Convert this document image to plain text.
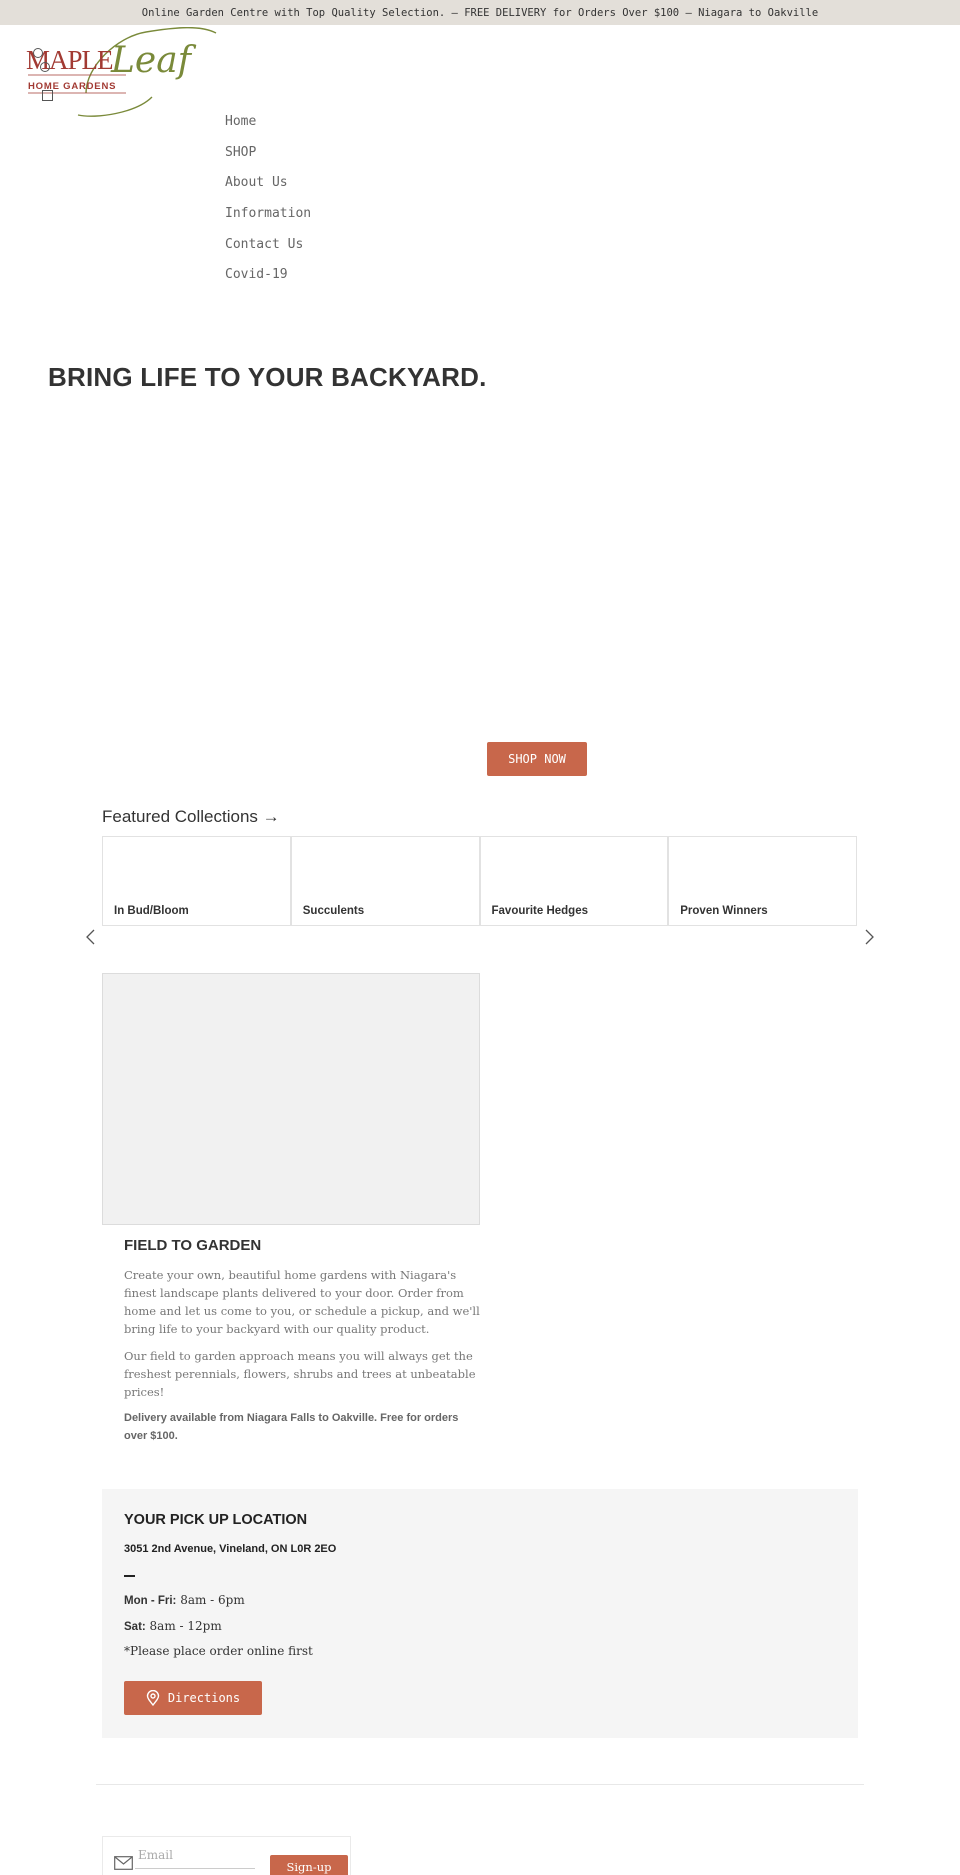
Online Garden Centre with Top Quality Selection. — FREE DELIVERY for Orders Over $100 — Niagara to Oakville
MAPLE
Leaf
HOME GARDENS
Home
SHOP
About Us
Information
Contact Us
Covid-19
BRING LIFE TO YOUR BACKYARD.
SHOP NOW
Featured Collections →
In Bud/Bloom	Succulents	Favourite Hedges	Proven Winners
FIELD TO GARDEN

Create your own, beautiful home gardens with Niagara's finest landscape plants delivered to your door. Order from home and let us come to you, or schedule a pickup, and we'll bring life to your backyard with our quality product.

Our field to garden approach means you will always get the freshest perennials, flowers, shrubs and trees at unbeatable prices!

Delivery available from Niagara Falls to Oakville. Free for orders over $100.

YOUR PICK UP LOCATION
3051 2nd Avenue, Vineland, ON L0R 2EO
Mon - Fri: 8am - 6pm
Sat: 8am - 12pm
*Please place order online first
Directions
Email
Sign-up
